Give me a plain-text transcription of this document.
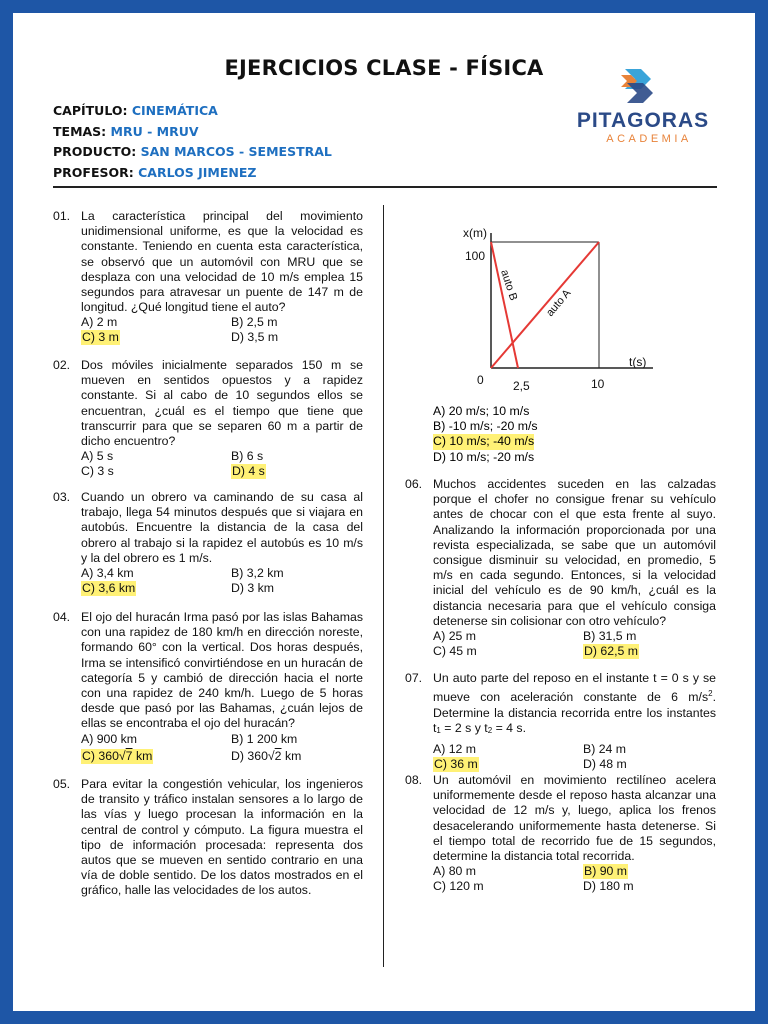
EJERCICIOS CLASE - FÍSICA
CAPÍTULO: CINEMÁTICA
TEMAS: MRU - MRUV
PRODUCTO: SAN MARCOS - SEMESTRAL
PROFESOR: CARLOS JIMENEZ
PITAGORAS
ACADEMIA
01. La característica principal del movimiento unidimensional uniforme, es que la velocidad es constante. Teniendo en cuenta esta característica, se observó que un automóvil con MRU que se desplaza con una velocidad de 10 m/s emplea 15 segundos para atravesar un puente de 147 m de longitud. ¿Qué longitud tiene el auto?
A) 2 m	B) 2,5 m
C) 3 m	D) 3,5 m
02. Dos móviles inicialmente separados 150 m se mueven en sentidos opuestos y a rapidez constante. Si al cabo de 10 segundos ellos se encuentran, ¿cuál es el tiempo que tiene que transcurrir para que se separen 60 m a partir de dicho encuentro?
A) 5 s	B) 6 s
C) 3 s	D) 4 s
03. Cuando un obrero va caminando de su casa al trabajo, llega 54 minutos después que si viajara en autobús. Encuentre la distancia de la casa del obrero al trabajo si la rapidez el autobús es 10 m/s y la del obrero es 1 m/s.
A) 3,4 km	B) 3,2 km
C) 3,6 km	D) 3 km
04. El ojo del huracán Irma pasó por las islas Bahamas con una rapidez de 180 km/h en dirección noreste, formando 60° con la vertical. Dos horas después, Irma se intensificó convirtiéndose en un huracán de categoría 5 y cambió de dirección hacia el norte con una rapidez de 240 km/h. Luego de 5 horas desde que pasó por las Bahamas, ¿cuán lejos de ellas se encontraba el ojo del huracán?
A) 900 km	B) 1 200 km
C) 360√7 km	D) 360√2 km
05. Para evitar la congestión vehicular, los ingenieros de transito y tráfico instalan sensores a lo largo de las vías y luego procesan la información en la central de control y cómputo. La figura muestra el tipo de información procesada: representa dos autos que se mueven en sentido contrario en una vía de doble sentido. De los datos mostrados en el gráfico, halle las velocidades de los autos.
x(m)
t(s)
100
0 2,5	10
auto B
auto A
A) 20 m/s; 10 m/s
B) -10 m/s; -20 m/s
C) 10 m/s; -40 m/s
D) 10 m/s; -20 m/s
06. Muchos accidentes suceden en las calzadas porque el chofer no consigue frenar su vehículo antes de chocar con el que esta frente al suyo. Analizando la información proporcionada por una revista especializada, se sabe que un automóvil consigue disminuir su velocidad, en promedio, 5 m/s en cada segundo. Entonces, si la velocidad inicial del vehículo es de 90 km/h, ¿cuál es la distancia necesaria para que el vehículo consiga detenerse sin colisionar con otro vehículo?
A) 25 m	B) 31,5 m
C) 45 m	D) 62,5 m
07. Un auto parte del reposo en el instante t = 0 s y se mueve con aceleración constante de 6 $m/s^2$. Determine la distancia recorrida entre los instantes $t_1 = 2$ s y $t_2 = 4$ s.
A) 12 m	B) 24 m
C) 36 m	D) 48 m
08. Un automóvil en movimiento rectilíneo acelera uniformemente desde el reposo hasta alcanzar una velocidad de 12 m/s y, luego, aplica los frenos desacelerando uniformemente hasta detenerse. Si el tiempo total de recorrido fue de 15 segundos, determine la distancia total recorrida.
A) 80 m	B) 90 m
C) 120 m	D) 180 m
